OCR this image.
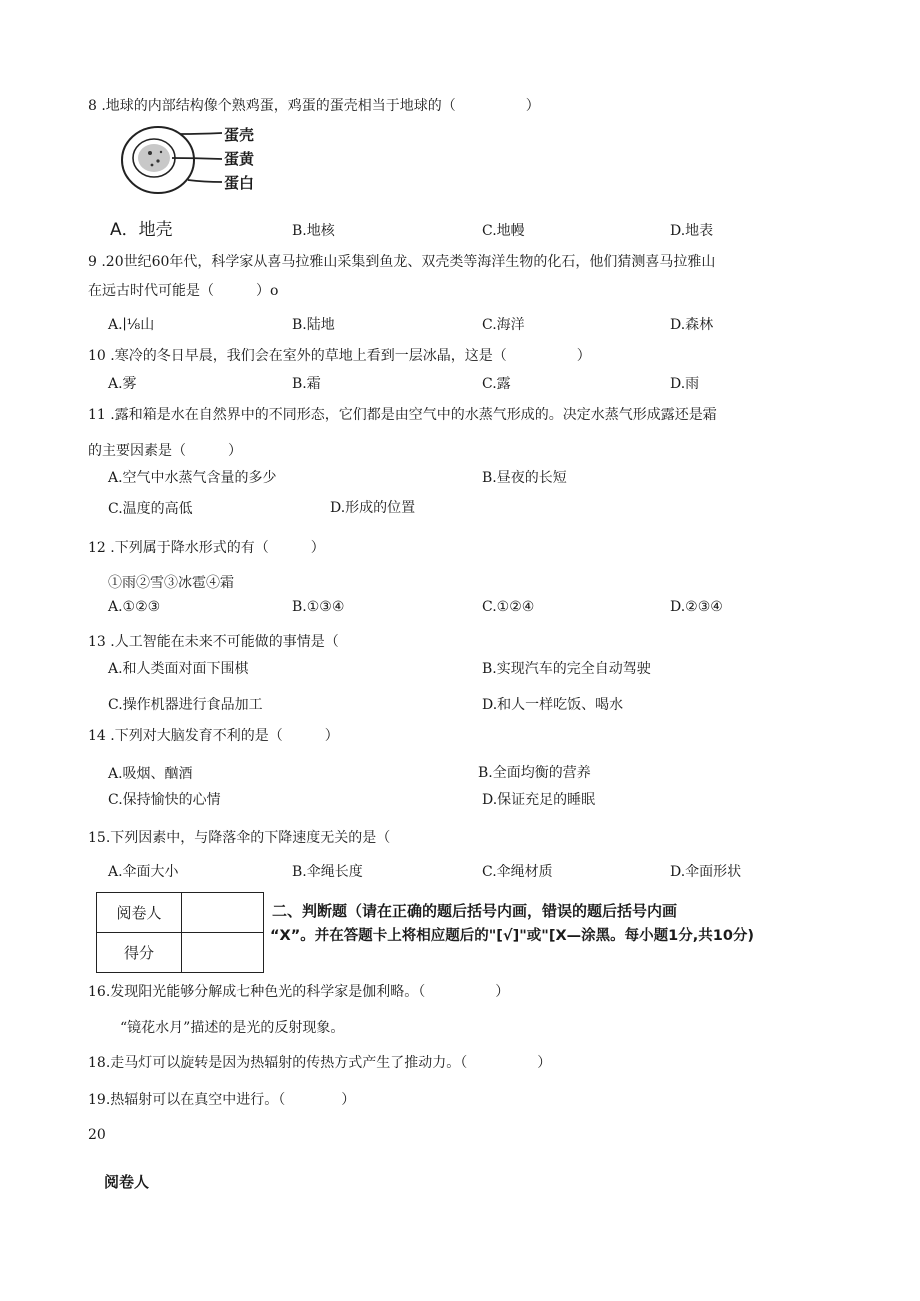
8 .地球的内部结构像个熟鸡蛋，鸡蛋的蛋壳相当于地球的（　　　　　）
蛋壳
蛋黄
蛋白
A．地壳	B.地核	C.地幔	D.地表
9 .20世纪60年代，科学家从喜马拉雅山采集到鱼龙、双壳类等海洋生物的化石，他们猜测喜马拉雅山
在远古时代可能是（　　　）o
A.∣⅛山	B.陆地	C.海洋	D.森林
10 .寒冷的冬日早晨，我们会在室外的草地上看到一层冰晶，这是（　　　　　）
A.雾	B.霜	C.露	D.雨
11 .露和箱是水在自然界中的不同形态，它们都是由空气中的水蒸气形成的。决定水蒸气形成露还是霜
的主要因素是（　　　）
A.空气中水蒸气含量的多少	B.昼夜的长短
C.温度的高低	D.形成的位置
12 .下列属于降水形式的有（　　　）
①雨②雪③冰雹④霜
A.①②③	B.①③④	C.①②④	D.②③④
13 .人工智能在未来不可能做的事情是（
A.和人类面对面下围棋	B.实现汽车的完全自动驾驶
C.操作机器进行食品加工	D.和人一样吃饭、喝水
14 .下列对大脑发育不利的是（　　　）
A.吸烟、酗酒	B.全面均衡的营养
C.保持愉快的心情	D.保证充足的睡眠
15.下列因素中，与降落伞的下降速度无关的是（
A.伞面大小	B.伞绳长度	C.伞绳材质	D.伞面形状
阅卷人	
得分	
二、判断题（请在正确的题后括号内画，错误的题后括号内画
“X”。并在答题卡上将相应题后的"[√]"或"[X—涂黑。每小题1分,共10分)
16.发现阳光能够分解成七种色光的科学家是伽利略。（　　　　　）
“镜花水月”描述的是光的反射现象。
18.走马灯可以旋转是因为热辐射的传热方式产生了推动力。（　　　　　）
19.热辐射可以在真空中进行。（　　　　）
20
阅卷人
